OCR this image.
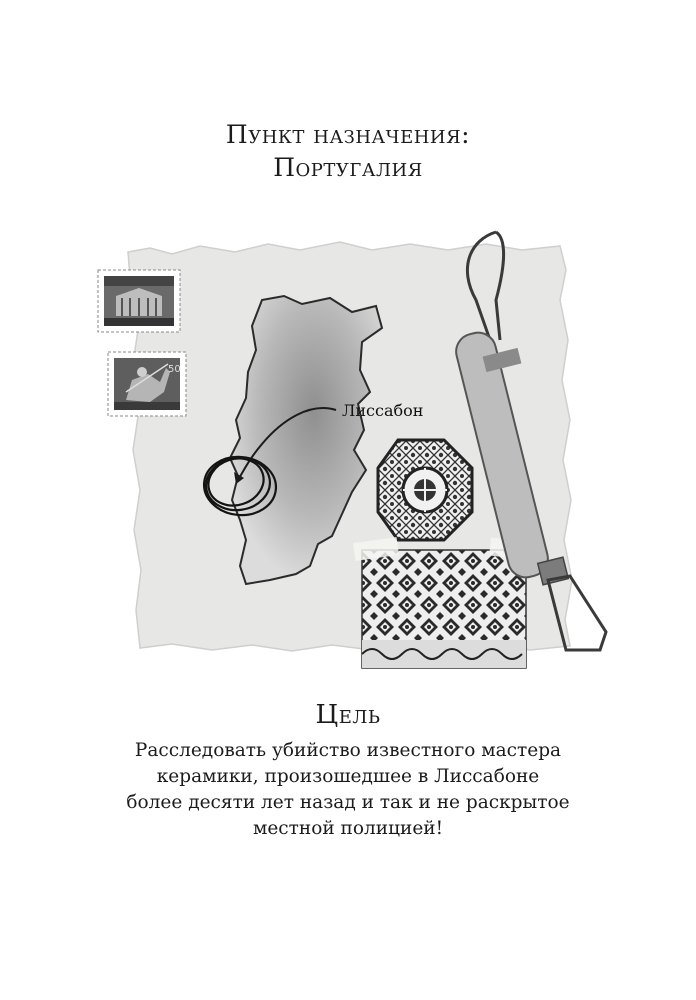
Пункт назначения:
Португалия
50
Лиссабон
Цель
Расследовать убийство известного мастера
керамики, произошедшее в Лиссабоне
более десяти лет назад и так и не раскрытое
местной полицией!
